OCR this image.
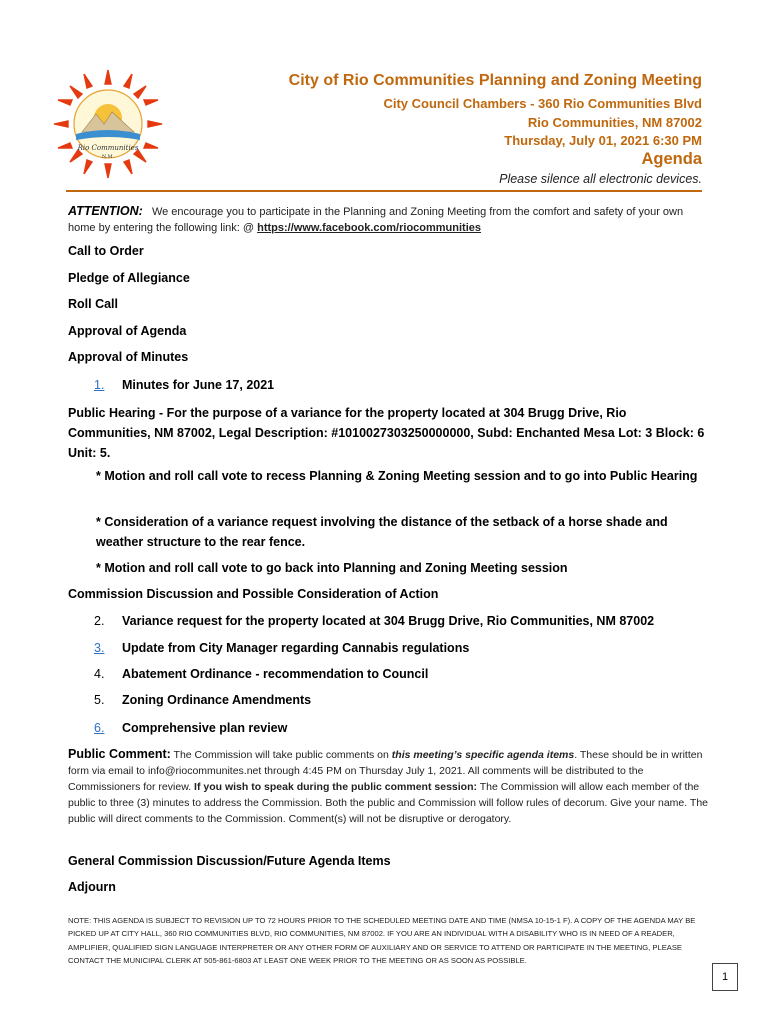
Rio Communities
N.M.
City of Rio Communities Planning and Zoning Meeting
City Council Chambers - 360 Rio Communities Blvd
Rio Communities, NM 87002
Thursday, July 01, 2021 6:30 PM
Agenda
Please silence all electronic devices.
ATTENTION: We encourage you to participate in the Planning and Zoning Meeting from the comfort and safety of your own home by entering the following link: @ https://www.facebook.com/riocommunities
Call to Order
Pledge of Allegiance
Roll Call
Approval of Agenda
Approval of Minutes
1. Minutes for June 17, 2021
Public Hearing - For the purpose of a variance for the property located at 304 Brugg Drive, Rio Communities, NM 87002, Legal Description: #1010027303250000000, Subd: Enchanted Mesa Lot: 3 Block: 6 Unit: 5.
* Motion and roll call vote to recess Planning & Zoning Meeting session and to go into Public Hearing
* Consideration of a variance request involving the distance of the setback of a horse shade and weather structure to the rear fence.
* Motion and roll call vote to go back into Planning and Zoning Meeting session
Commission Discussion and Possible Consideration of Action
2. Variance request for the property located at 304 Brugg Drive, Rio Communities, NM 87002
3. Update from City Manager regarding Cannabis regulations
4. Abatement Ordinance - recommendation to Council
5. Zoning Ordinance Amendments
6. Comprehensive plan review
Public Comment: The Commission will take public comments on this meeting’s specific agenda items. These should be in written form via email to info@riocommunites.net through 4:45 PM on Thursday July 1, 2021. All comments will be distributed to the Commissioners for review. If you wish to speak during the public comment session: The Commission will allow each member of the public to three (3) minutes to address the Commission. Both the public and Commission will follow rules of decorum. Give your name. The public will direct comments to the Commission. Comment(s) will not be disruptive or derogatory.
General Commission Discussion/Future Agenda Items
Adjourn
NOTE: THIS AGENDA IS SUBJECT TO REVISION UP TO 72 HOURS PRIOR TO THE SCHEDULED MEETING DATE AND TIME (NMSA 10-15-1 F). A COPY OF THE AGENDA MAY BE PICKED UP AT CITY HALL, 360 RIO COMMUNITIES BLVD, RIO COMMUNITIES, NM 87002. IF YOU ARE AN INDIVIDUAL WITH A DISABILITY WHO IS IN NEED OF A READER, AMPLIFIER, QUALIFIED SIGN LANGUAGE INTERPRETER OR ANY OTHER FORM OF AUXILIARY AND OR SERVICE TO ATTEND OR PARTICIPATE IN THE MEETING, PLEASE CONTACT THE MUNICIPAL CLERK AT 505-861-6803 AT LEAST ONE WEEK PRIOR TO THE MEETING OR AS SOON AS POSSIBLE.
1
